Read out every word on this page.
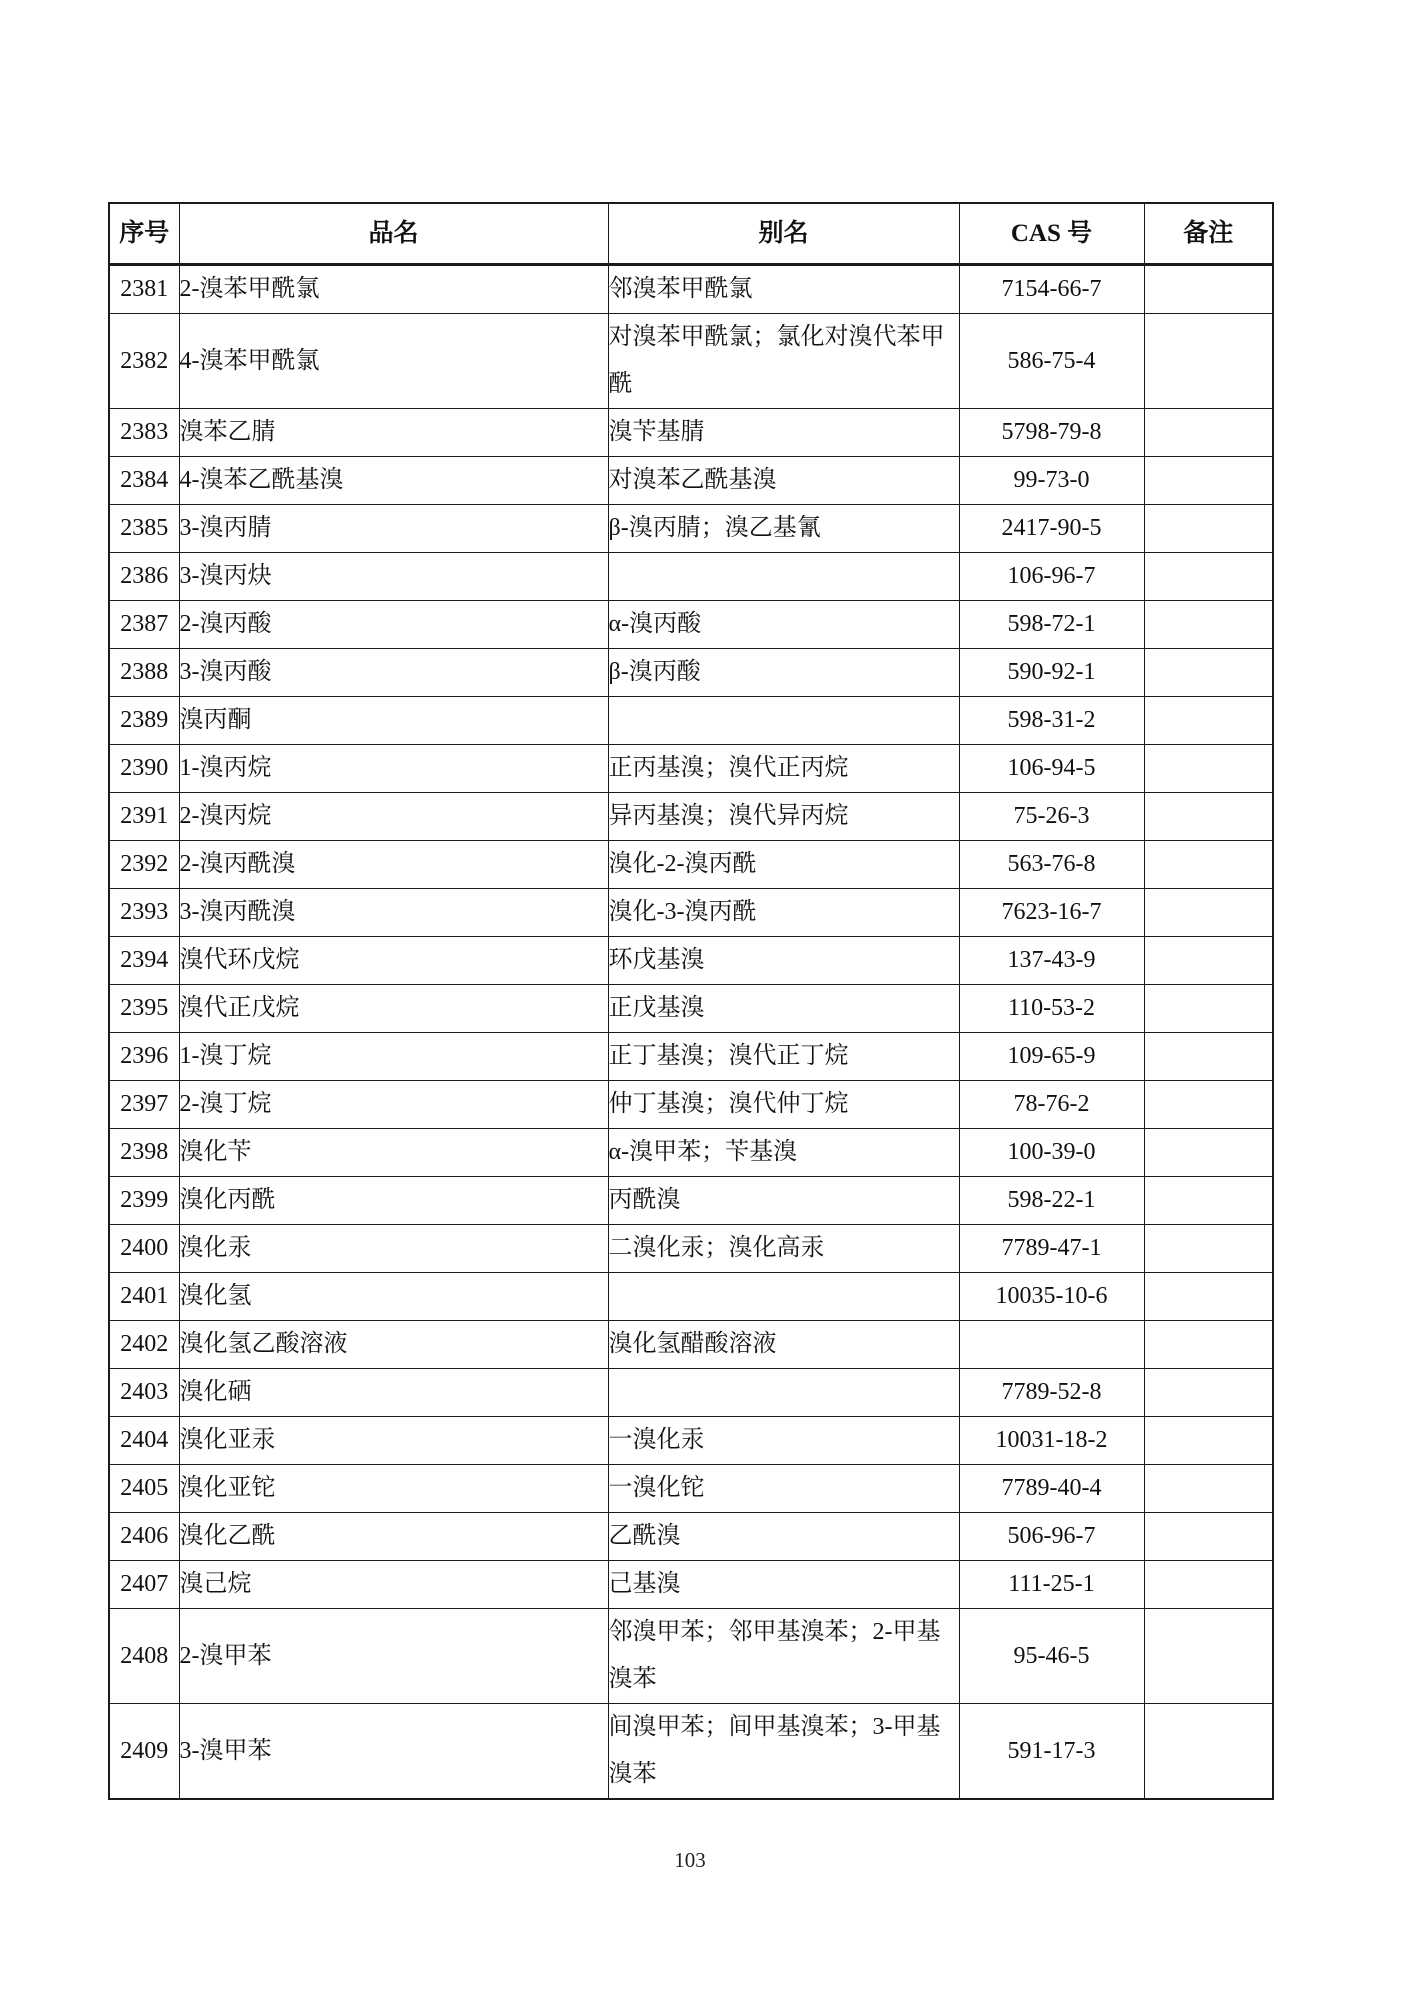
序号	品名	别名	CAS 号	备注
2381	2-溴苯甲酰氯	邻溴苯甲酰氯	7154-66-7	
2382	4-溴苯甲酰氯	对溴苯甲酰氯；氯化对溴代苯甲酰	586-75-4	
2383	溴苯乙腈	溴苄基腈	5798-79-8	
2384	4-溴苯乙酰基溴	对溴苯乙酰基溴	99-73-0	
2385	3-溴丙腈	β-溴丙腈；溴乙基氰	2417-90-5	
2386	3-溴丙炔		106-96-7	
2387	2-溴丙酸	α-溴丙酸	598-72-1	
2388	3-溴丙酸	β-溴丙酸	590-92-1	
2389	溴丙酮		598-31-2	
2390	1-溴丙烷	正丙基溴；溴代正丙烷	106-94-5	
2391	2-溴丙烷	异丙基溴；溴代异丙烷	75-26-3	
2392	2-溴丙酰溴	溴化-2-溴丙酰	563-76-8	
2393	3-溴丙酰溴	溴化-3-溴丙酰	7623-16-7	
2394	溴代环戊烷	环戊基溴	137-43-9	
2395	溴代正戊烷	正戊基溴	110-53-2	
2396	1-溴丁烷	正丁基溴；溴代正丁烷	109-65-9	
2397	2-溴丁烷	仲丁基溴；溴代仲丁烷	78-76-2	
2398	溴化苄	α-溴甲苯；苄基溴	100-39-0	
2399	溴化丙酰	丙酰溴	598-22-1	
2400	溴化汞	二溴化汞；溴化高汞	7789-47-1	
2401	溴化氢		10035-10-6	
2402	溴化氢乙酸溶液	溴化氢醋酸溶液		
2403	溴化硒		7789-52-8	
2404	溴化亚汞	一溴化汞	10031-18-2	
2405	溴化亚铊	一溴化铊	7789-40-4	
2406	溴化乙酰	乙酰溴	506-96-7	
2407	溴己烷	己基溴	111-25-1	
2408	2-溴甲苯	邻溴甲苯；邻甲基溴苯；2-甲基溴苯	95-46-5	
2409	3-溴甲苯	间溴甲苯；间甲基溴苯；3-甲基溴苯	591-17-3	
103
